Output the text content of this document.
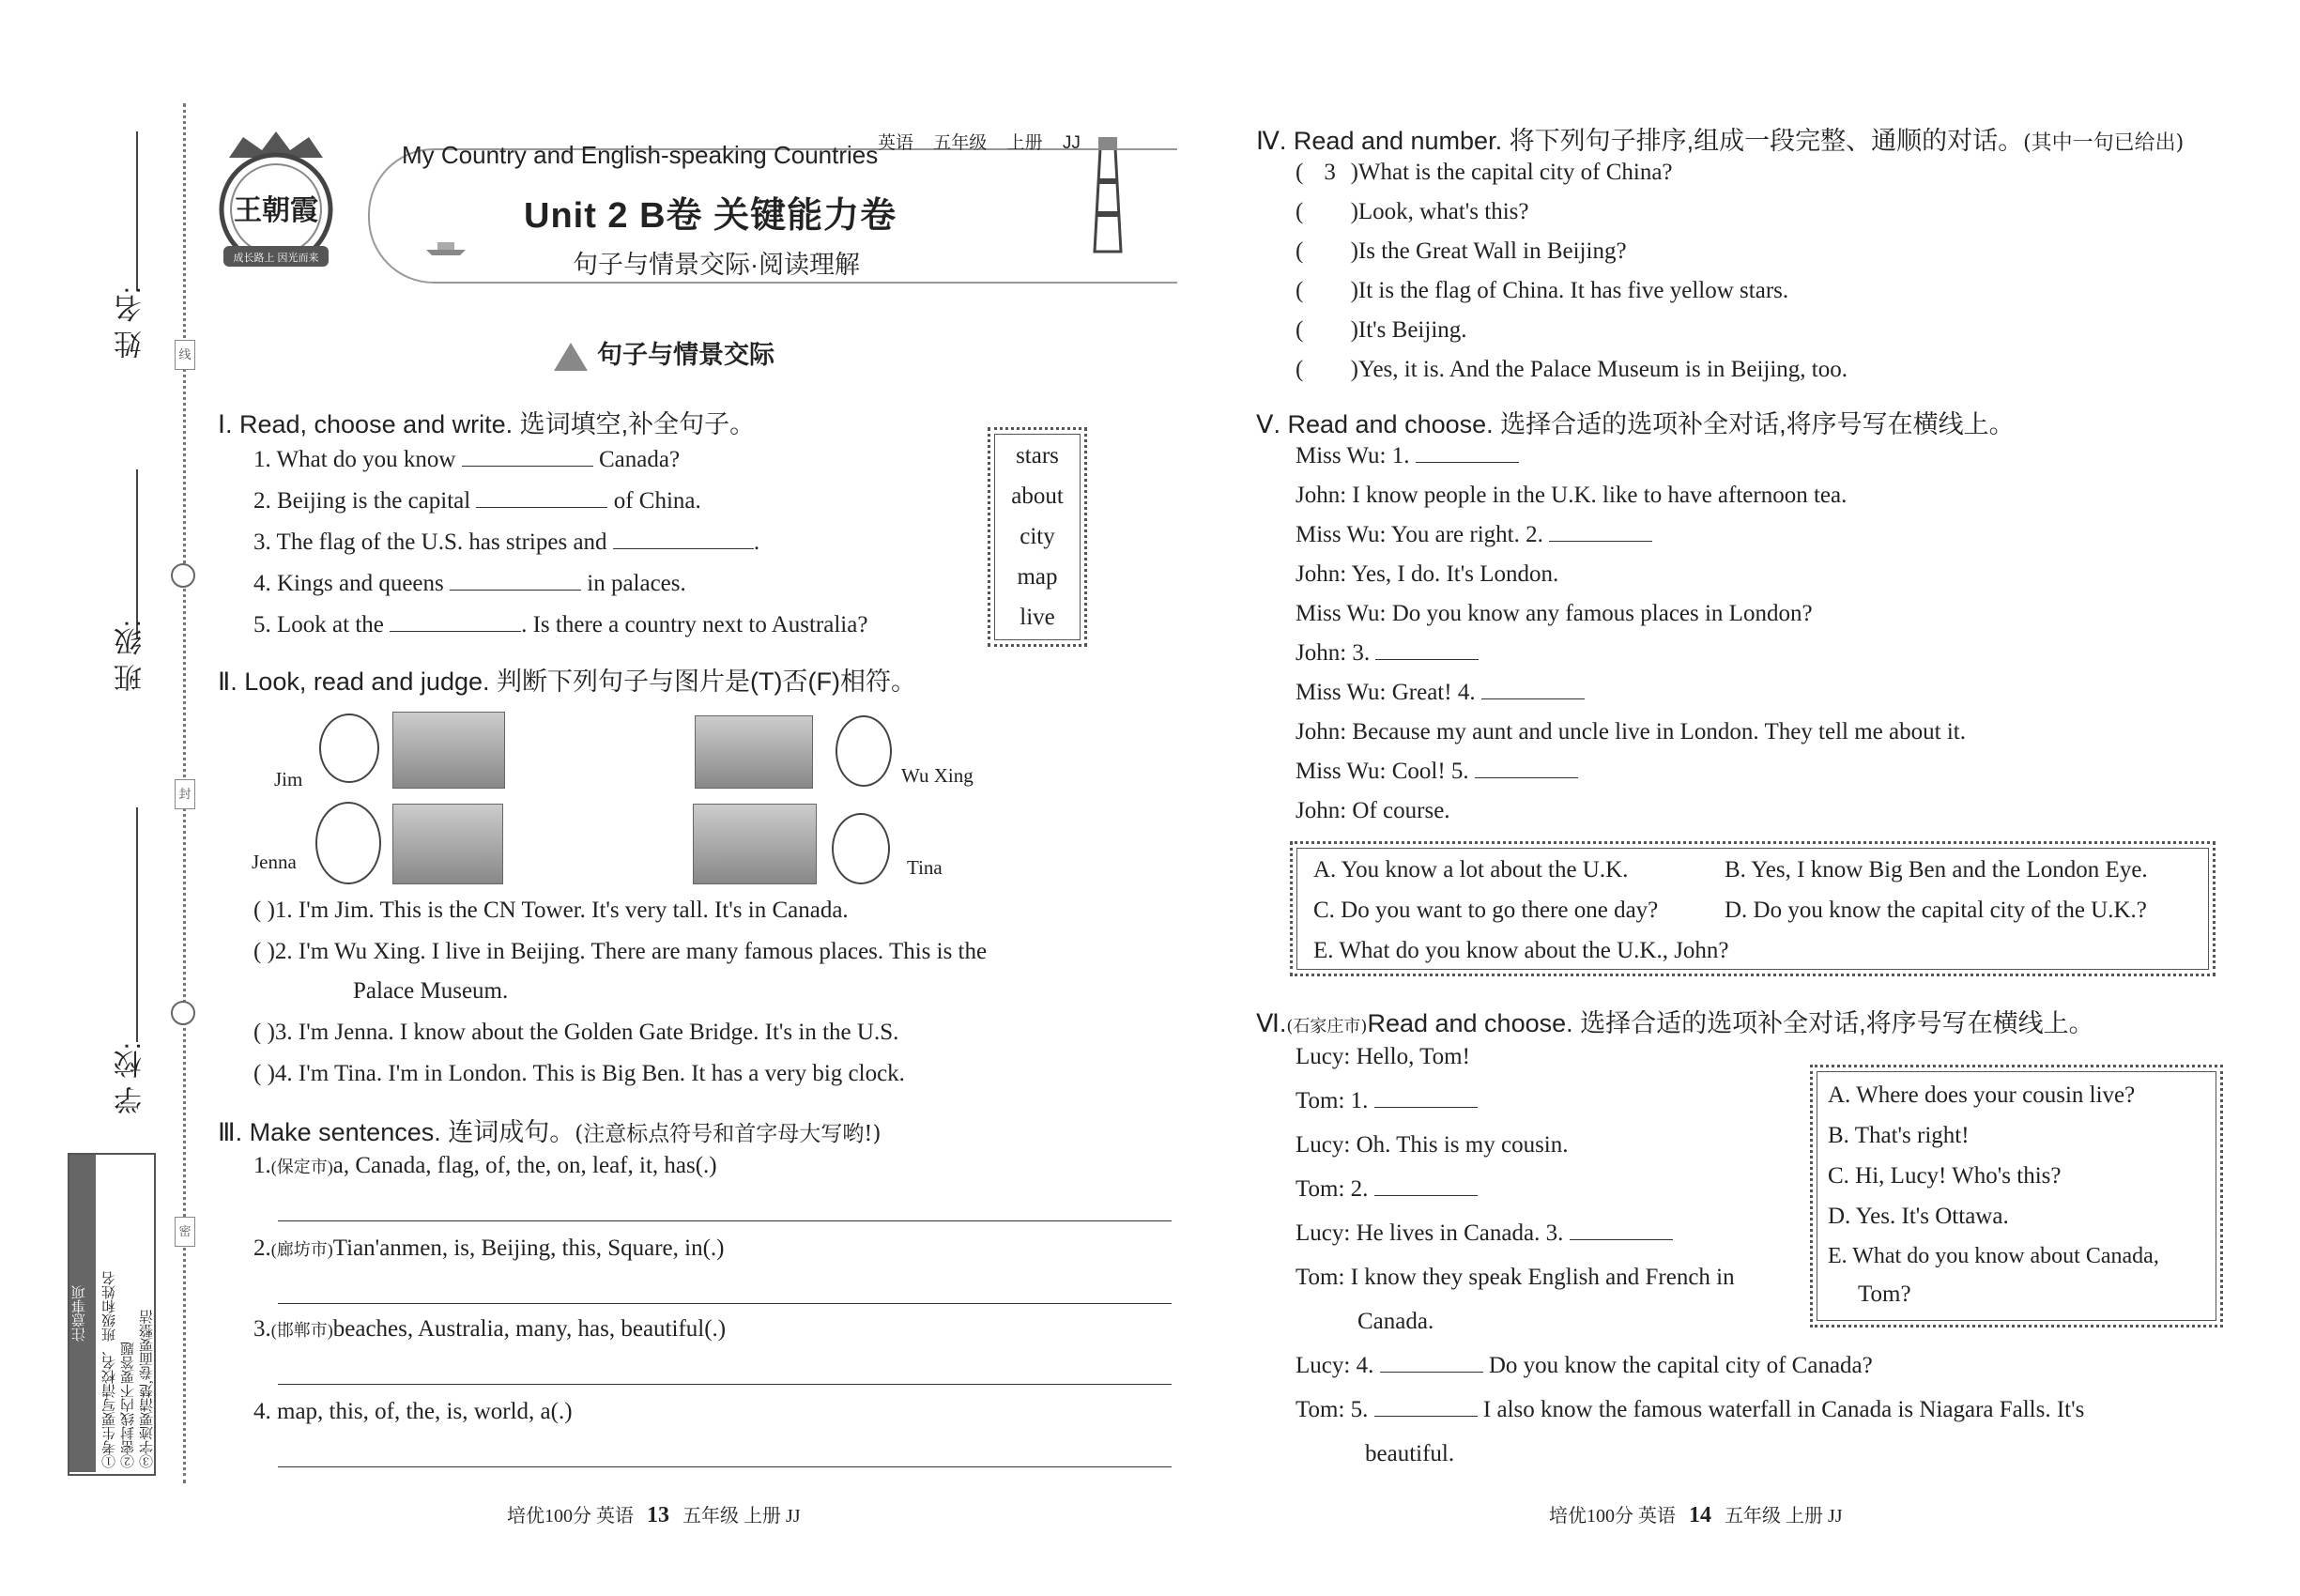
姓 名:
班 级:
学 校:
线
封
密
注意事项	①考生要写清校名、班级和姓名 ②密封线内不要答题 ③字迹要清楚,卷面要整洁
王朝霞
成长路上 因光而来
My Country and English-speaking Countries 英语 五年级 上册 JJ
Unit 2 B卷 关键能力卷
句子与情景交际·阅读理解
句子与情景交际
Ⅰ. Read, choose and write. 选词填空,补全句子。
1. What do you know	Canada?
2. Beijing is the capital	of China.
3. The flag of the U.S. has stripes and	.
4. Kings and queens	in palaces.
5. Look at the	. Is there a country next to Australia?
stars
about
city
map
live
Ⅱ. Look, read and judge. 判断下列句子与图片是(T)否(F)相符。
Jim	Wu Xing
Jenna	Tina
( )1. I'm Jim. This is the CN Tower. It's very tall. It's in Canada.
( )2. I'm Wu Xing. I live in Beijing. There are many famous places. This is the
Palace Museum.
( )3. I'm Jenna. I know about the Golden Gate Bridge. It's in the U.S.
( )4. I'm Tina. I'm in London. This is Big Ben. It has a very big clock.
Ⅲ. Make sentences. 连词成句。(注意标点符号和首字母大写哟!)
1.(保定市)a, Canada, flag, of, the, on, leaf, it, has(.)
2.(廊坊市)Tian'anmen, is, Beijing, this, Square, in(.)
3.(邯郸市)beaches, Australia, many, has, beautiful(.)
4. map, this, of, the, is, world, a(.)
培优100分 英语 13 五年级 上册 JJ
Ⅳ. Read and number. 将下列句子排序,组成一段完整、通顺的对话。(其中一句已给出)
( 3 )What is the capital city of China?
( )Look, what's this?
( )Is the Great Wall in Beijing?
( )It is the flag of China. It has five yellow stars.
( )It's Beijing.
( )Yes, it is. And the Palace Museum is in Beijing, too.
Ⅴ. Read and choose. 选择合适的选项补全对话,将序号写在横线上。
Miss Wu: 1.
John: I know people in the U.K. like to have afternoon tea.
Miss Wu: You are right. 2.
John: Yes, I do. It's London.
Miss Wu: Do you know any famous places in London?
John: 3.
Miss Wu: Great! 4.
John: Because my aunt and uncle live in London. They tell me about it.
Miss Wu: Cool! 5.
John: Of course.
A. You know a lot about the U.K.	B. Yes, I know Big Ben and the London Eye.
C. Do you want to go there one day?	D. Do you know the capital city of the U.K.?
E. What do you know about the U.K., John?
Ⅵ.(石家庄市)Read and choose. 选择合适的选项补全对话,将序号写在横线上。
Lucy: Hello, Tom!
Tom: 1.
Lucy: Oh. This is my cousin.
Tom: 2.
Lucy: He lives in Canada. 3.
Tom: I know they speak English and French in
Canada.
Lucy: 4.	Do you know the capital city of Canada?
Tom: 5.	I also know the famous waterfall in Canada is Niagara Falls. It's
beautiful.
A. Where does your cousin live?
B. That's right!
C. Hi, Lucy! Who's this?
D. Yes. It's Ottawa.
E. What do you know about Canada,
Tom?
培优100分 英语 14 五年级 上册 JJ
